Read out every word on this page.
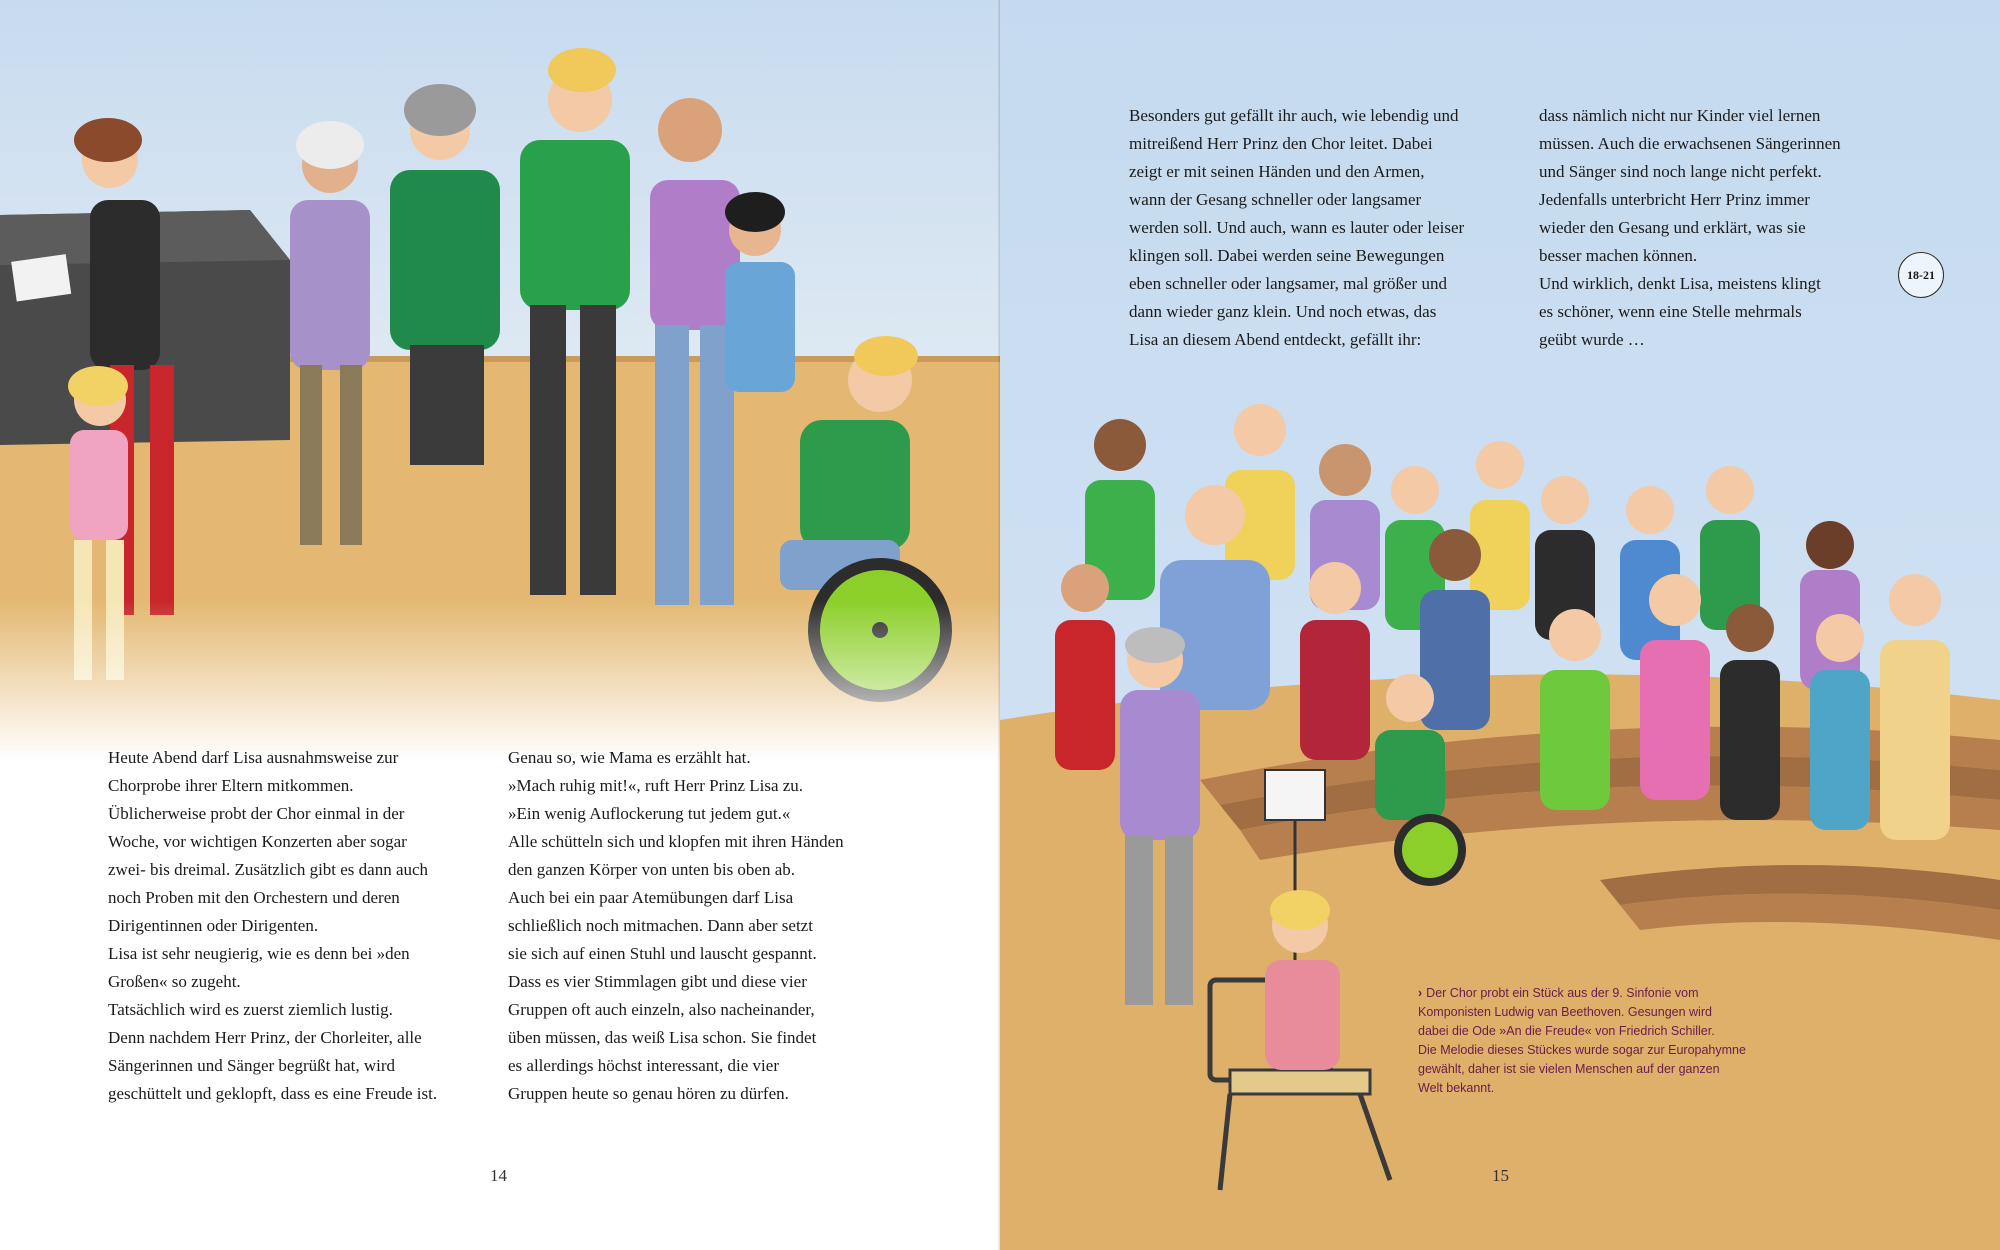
Heute Abend darf Lisa ausnahmsweise zur
Chorprobe ihrer Eltern mitkommen.
Üblicherweise probt der Chor einmal in der
Woche, vor wichtigen Konzerten aber sogar
zwei- bis dreimal. Zusätzlich gibt es dann auch
noch Proben mit den Orchestern und deren
Dirigentinnen oder Dirigenten.
Lisa ist sehr neugierig, wie es denn bei »den
Großen« so zugeht.
Tatsächlich wird es zuerst ziemlich lustig.
Denn nachdem Herr Prinz, der Chorleiter, alle
Sängerinnen und Sänger begrüßt hat, wird
geschüttelt und geklopft, dass es eine Freude ist.
Genau so, wie Mama es erzählt hat.
»Mach ruhig mit!«, ruft Herr Prinz Lisa zu.
»Ein wenig Auflockerung tut jedem gut.«
Alle schütteln sich und klopfen mit ihren Händen
den ganzen Körper von unten bis oben ab.
Auch bei ein paar Atemübungen darf Lisa
schließlich noch mitmachen. Dann aber setzt
sie sich auf einen Stuhl und lauscht gespannt.
Dass es vier Stimmlagen gibt und diese vier
Gruppen oft auch einzeln, also nacheinander,
üben müssen, das weiß Lisa schon. Sie findet
es allerdings höchst interessant, die vier
Gruppen heute so genau hören zu dürfen.
14
Besonders gut gefällt ihr auch, wie lebendig und
mitreißend Herr Prinz den Chor leitet. Dabei
zeigt er mit seinen Händen und den Armen,
wann der Gesang schneller oder langsamer
werden soll. Und auch, wann es lauter oder leiser
klingen soll. Dabei werden seine Bewegungen
eben schneller oder langsamer, mal größer und
dann wieder ganz klein. Und noch etwas, das
Lisa an diesem Abend entdeckt, gefällt ihr:
dass nämlich nicht nur Kinder viel lernen
müssen. Auch die erwachsenen Sängerinnen
und Sänger sind noch lange nicht perfekt.
Jedenfalls unterbricht Herr Prinz immer
wieder den Gesang und erklärt, was sie
besser machen können.
Und wirklich, denkt Lisa, meistens klingt
es schöner, wenn eine Stelle mehrmals
geübt wurde …
18-21
› Der Chor probt ein Stück aus der 9. Sinfonie vom
Komponisten Ludwig van Beethoven. Gesungen wird
dabei die Ode »An die Freude« von Friedrich Schiller.
Die Melodie dieses Stückes wurde sogar zur Europahymne
gewählt, daher ist sie vielen Menschen auf der ganzen
Welt bekannt.
15
